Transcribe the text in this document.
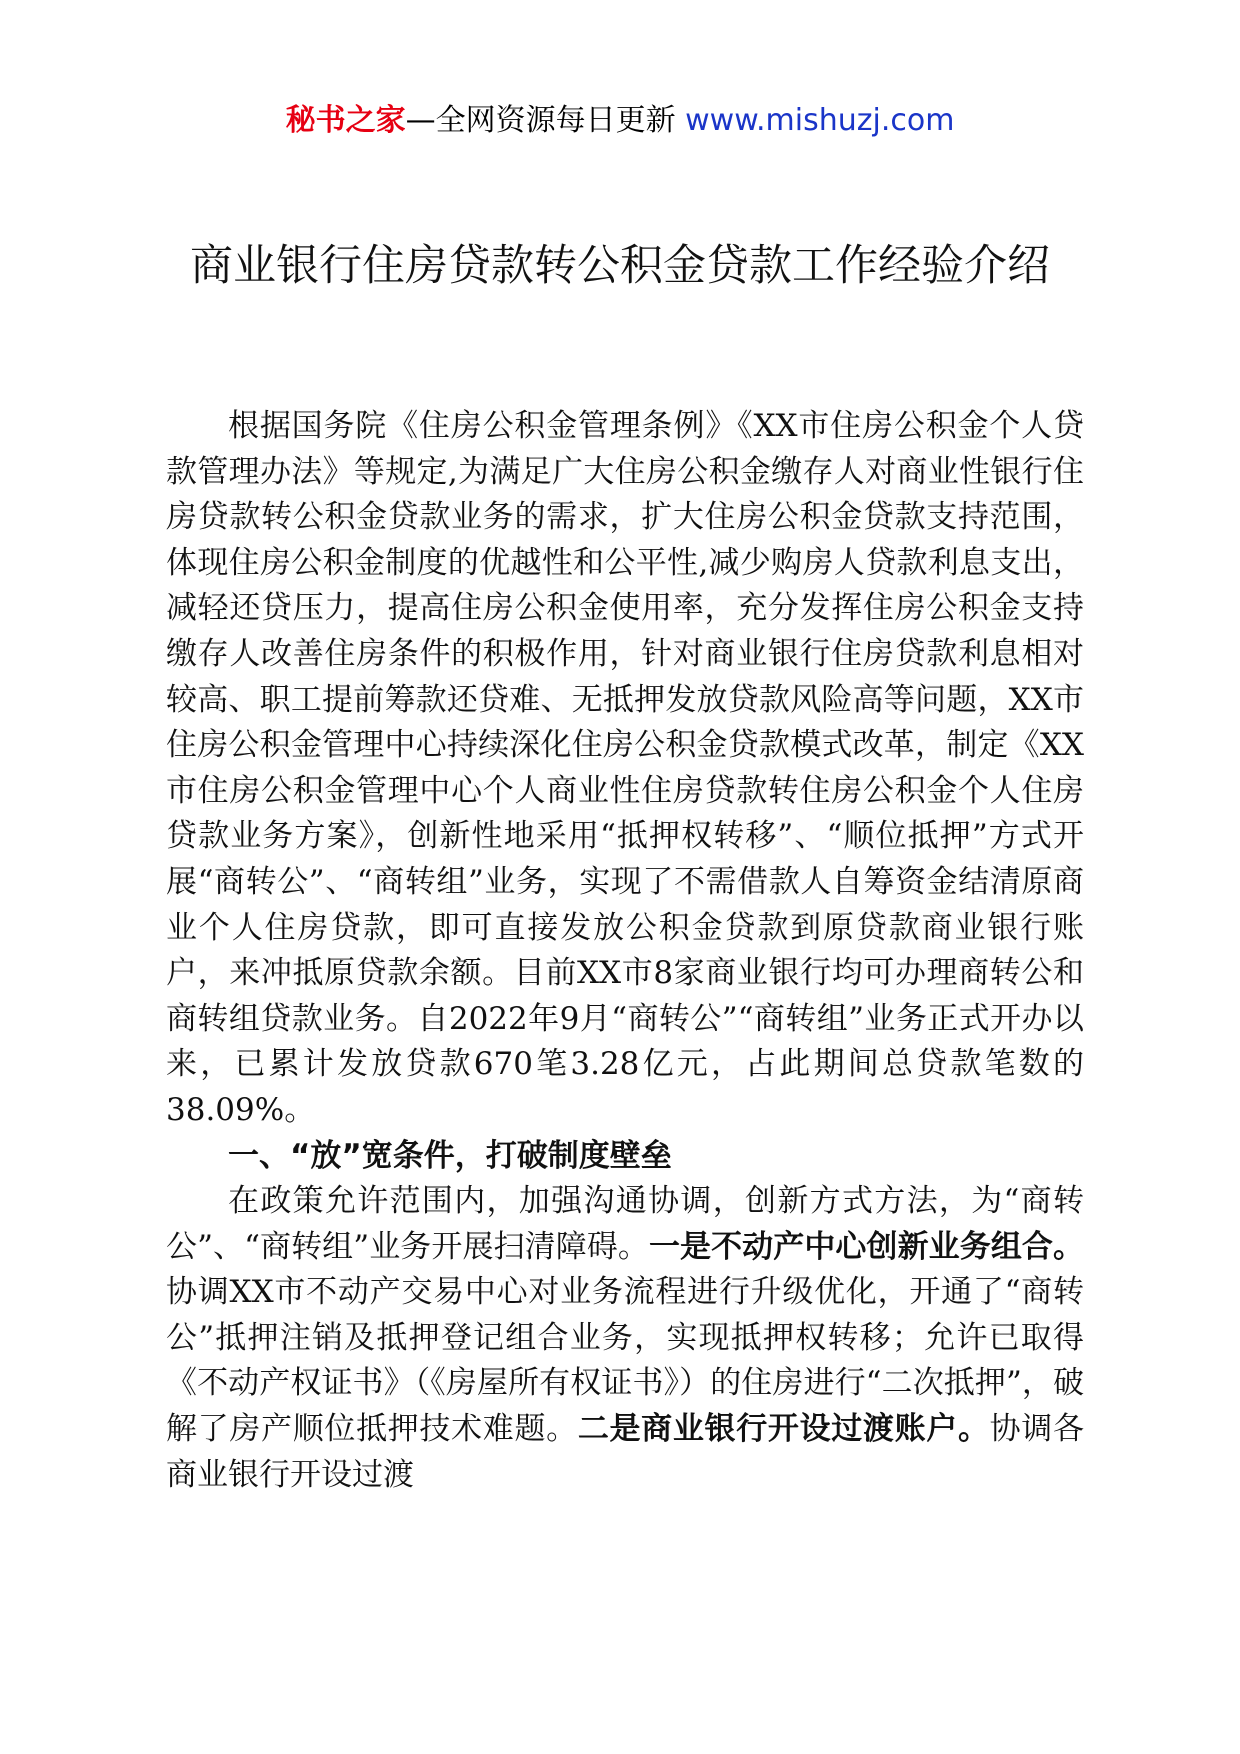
秘书之家—全网资源每日更新 www.mishuzj.com
商业银行住房贷款转公积金贷款工作经验介绍

根据国务院《住房公积金管理条例》《XX市住房公积金个人贷款管理办法》等规定,为满足广大住房公积金缴存人对商业性银行住房贷款转公积金贷款业务的需求，扩大住房公积金贷款支持范围，体现住房公积金制度的优越性和公平性,减少购房人贷款利息支出，减轻还贷压力，提高住房公积金使用率，充分发挥住房公积金支持缴存人改善住房条件的积极作用，针对商业银行住房贷款利息相对较高、职工提前筹款还贷难、无抵押发放贷款风险高等问题，XX市住房公积金管理中心持续深化住房公积金贷款模式改革，制定《XX市住房公积金管理中心个人商业性住房贷款转住房公积金个人住房贷款业务方案》，创新性地采用“抵押权转移”、“顺位抵押”方式开展“商转公”、“商转组”业务，实现了不需借款人自筹资金结清原商业个人住房贷款，即可直接发放公积金贷款到原贷款商业银行账户，来冲抵原贷款余额。目前XX市8家商业银行均可办理商转公和商转组贷款业务。自2022年9月“商转公”“商转组”业务正式开办以来，已累计发放贷款670笔3.28亿元，占此期间总贷款笔数的38.09%。

一、“放”宽条件，打破制度壁垒

在政策允许范围内，加强沟通协调，创新方式方法，为“商转公”、“商转组”业务开展扫清障碍。一是不动产中心创新业务组合。协调XX市不动产交易中心对业务流程进行升级优化，开通了“商转公”抵押注销及抵押登记组合业务，实现抵押权转移；允许已取得《不动产权证书》（《房屋所有权证书》）的住房进行“二次抵押”，破解了房产顺位抵押技术难题。二是商业银行开设过渡账户。协调各商业银行开设过渡
